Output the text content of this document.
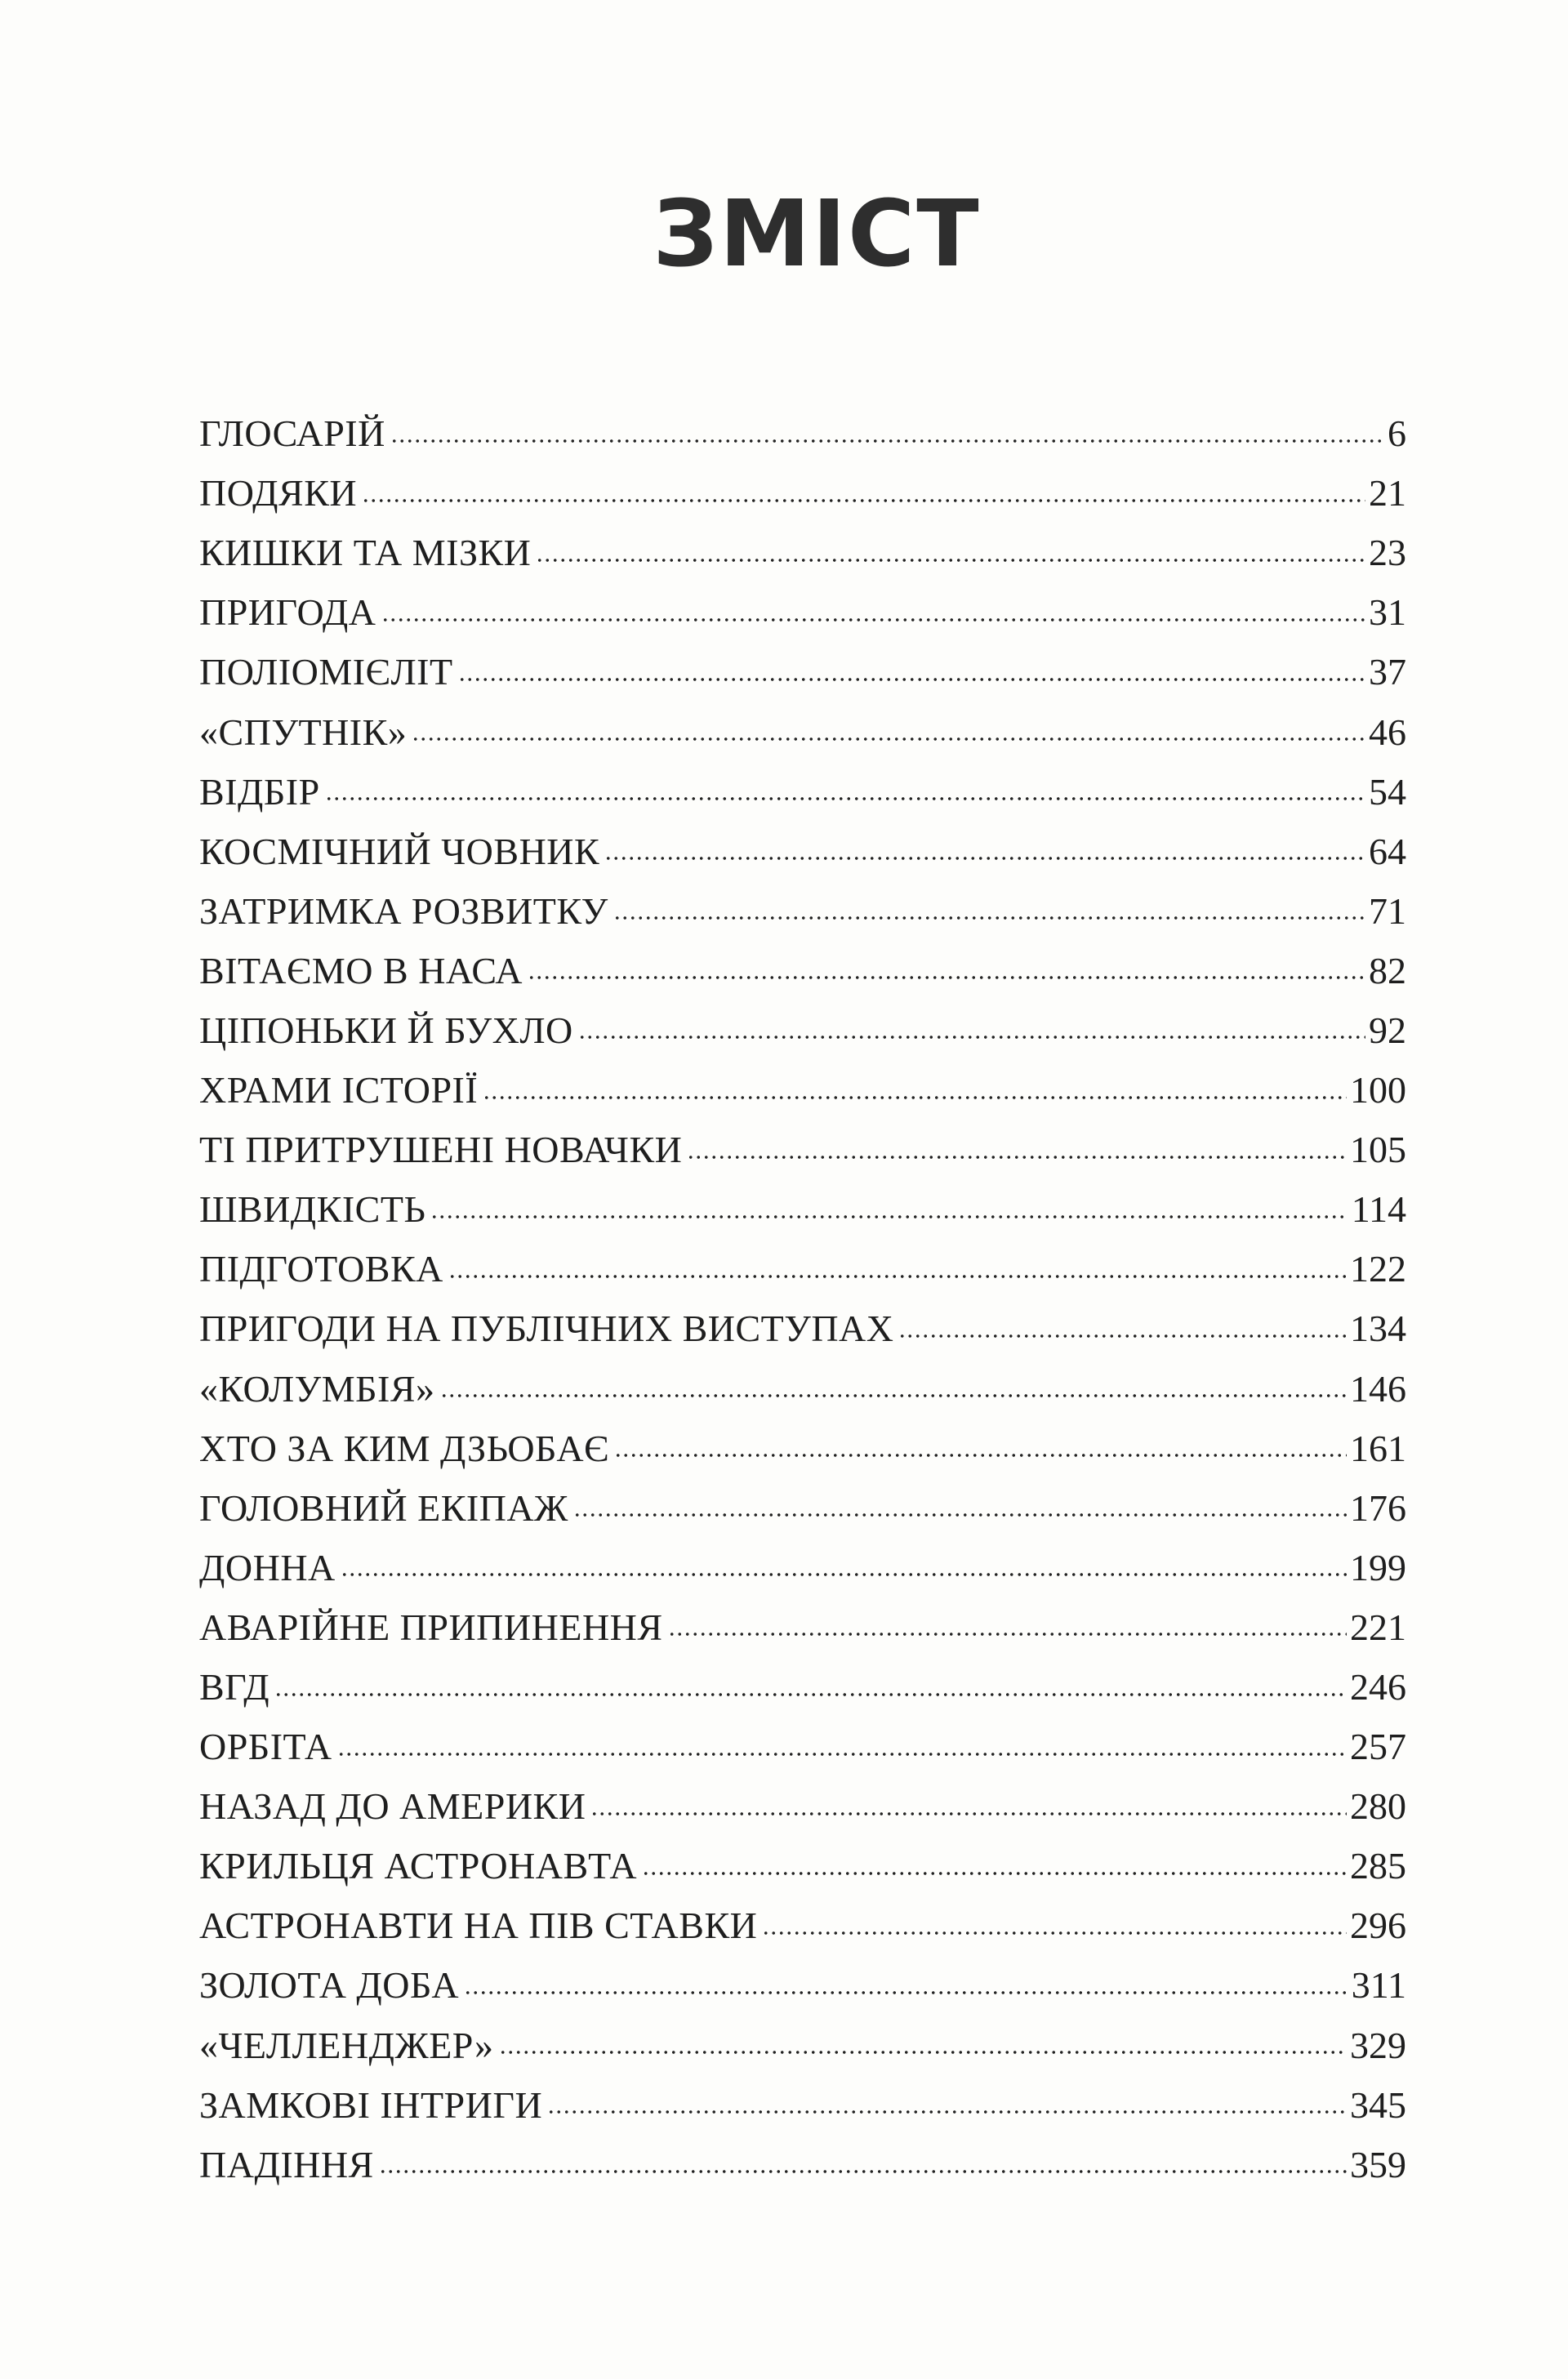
ЗМІСТ
ГЛОСАРІЙ	6
ПОДЯКИ	21
КИШКИ ТА МІЗКИ	23
ПРИГОДА	31
ПОЛІОМІЄЛІТ	37
«СПУТНІК»	46
ВІДБІР	54
КОСМІЧНИЙ ЧОВНИК	64
ЗАТРИМКА РОЗВИТКУ	71
ВІТАЄМО В НАСА	82
ЦІПОНЬКИ Й БУХЛО	92
ХРАМИ ІСТОРІЇ	100
ТІ ПРИТРУШЕНІ НОВАЧКИ	105
ШВИДКІСТЬ	114
ПІДГОТОВКА	122
ПРИГОДИ НА ПУБЛІЧНИХ ВИСТУПАХ	134
«КОЛУМБІЯ»	146
ХТО ЗА КИМ ДЗЬОБАЄ	161
ГОЛОВНИЙ ЕКІПАЖ	176
ДОННА	199
АВАРІЙНЕ ПРИПИНЕННЯ	221
ВГД	246
ОРБІТА	257
НАЗАД ДО АМЕРИКИ	280
КРИЛЬЦЯ АСТРОНАВТА	285
АСТРОНАВТИ НА ПІВ СТАВКИ	296
ЗОЛОТА ДОБА	311
«ЧЕЛЛЕНДЖЕР»	329
ЗАМКОВІ ІНТРИГИ	345
ПАДІННЯ	359
